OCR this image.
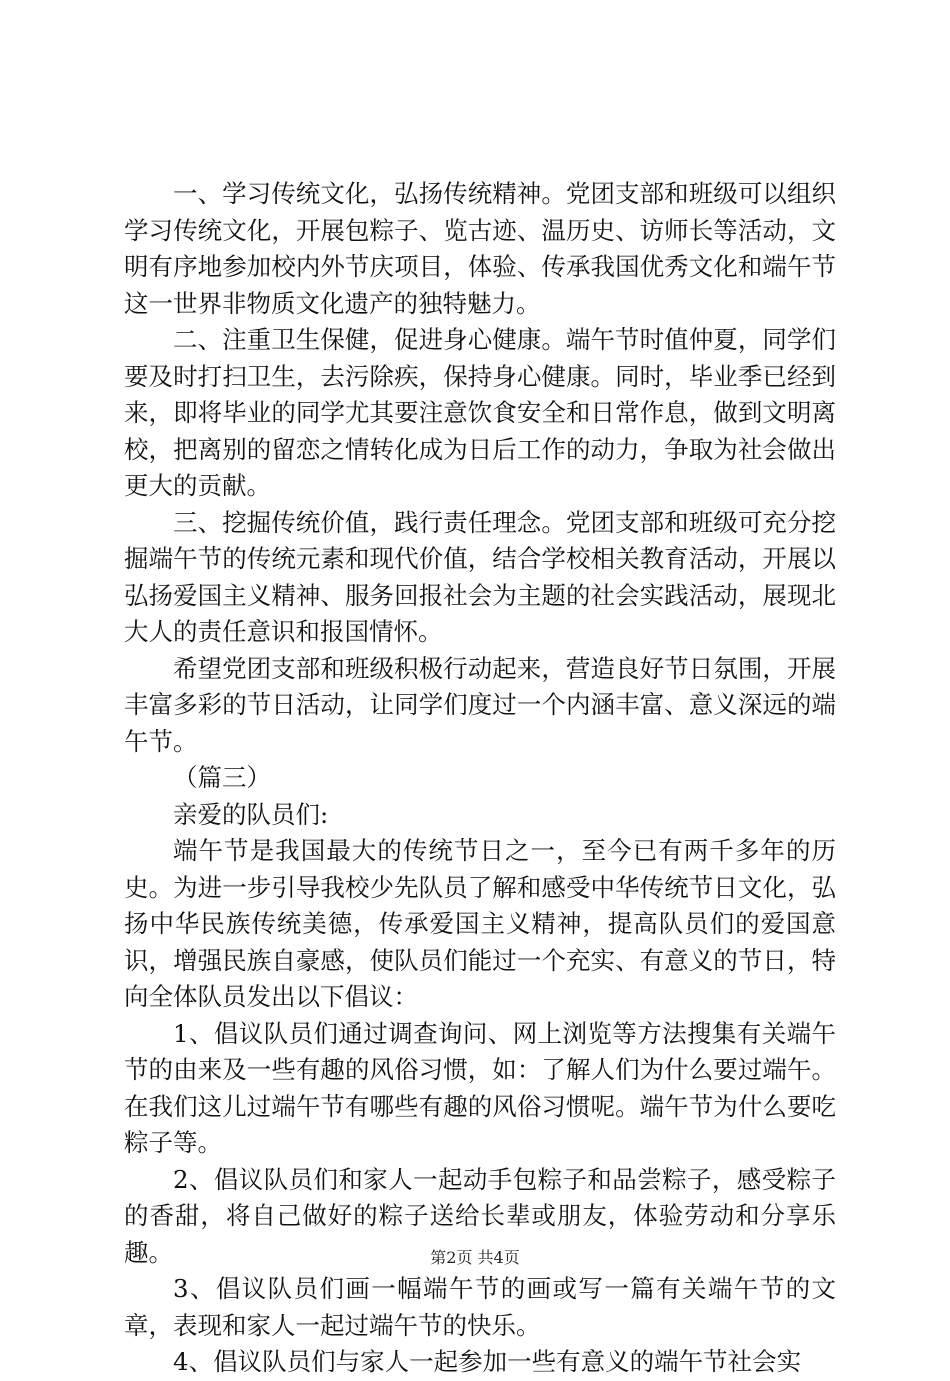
一、学习传统文化，弘扬传统精神。党团支部和班级可以组织学习传统文化，开展包粽子、览古迹、温历史、访师长等活动，文明有序地参加校内外节庆项目，体验、传承我国优秀文化和端午节这一世界非物质文化遗产的独特魅力。

二、注重卫生保健，促进身心健康。端午节时值仲夏，同学们要及时打扫卫生，去污除疾，保持身心健康。同时，毕业季已经到来，即将毕业的同学尤其要注意饮食安全和日常作息，做到文明离校，把离别的留恋之情转化成为日后工作的动力，争取为社会做出更大的贡献。

三、挖掘传统价值，践行责任理念。党团支部和班级可充分挖掘端午节的传统元素和现代价值，结合学校相关教育活动，开展以弘扬爱国主义精神、服务回报社会为主题的社会实践活动，展现北大人的责任意识和报国情怀。

希望党团支部和班级积极行动起来，营造良好节日氛围，开展丰富多彩的节日活动，让同学们度过一个内涵丰富、意义深远的端午节。

（篇三）

亲爱的队员们:

端午节是我国最大的传统节日之一，至今已有两千多年的历史。为进一步引导我校少先队员了解和感受中华传统节日文化，弘扬中华民族传统美德，传承爱国主义精神，提高队员们的爱国意识，增强民族自豪感，使队员们能过一个充实、有意义的节日，特向全体队员发出以下倡议：

1、倡议队员们通过调查询问、网上浏览等方法搜集有关端午节的由来及一些有趣的风俗习惯，如：了解人们为什么要过端午。在我们这儿过端午节有哪些有趣的风俗习惯呢。端午节为什么要吃粽子等。

2、倡议队员们和家人一起动手包粽子和品尝粽子，感受粽子的香甜，将自己做好的粽子送给长辈或朋友，体验劳动和分享乐趣。

3、倡议队员们画一幅端午节的画或写一篇有关端午节的文章，表现和家人一起过端午节的快乐。

4、倡议队员们与家人一起参加一些有意义的端午节社会实

第2页 共4页
